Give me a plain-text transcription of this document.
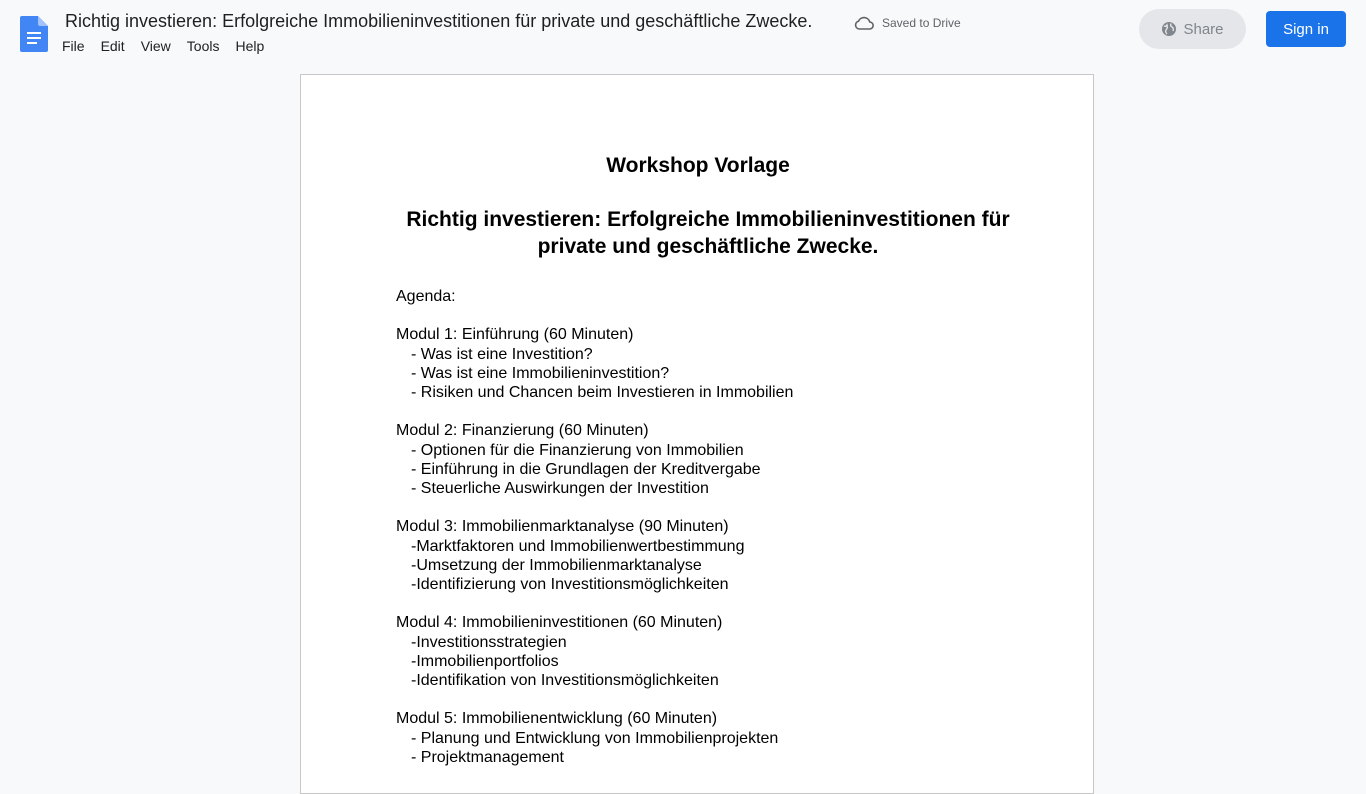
Richtig investieren: Erfolgreiche Immobilieninvestitionen für private und geschäftliche Zwecke.	Saved to Drive
File	Edit	View	Tools	Help
Share	Sign in
Workshop Vorlage
Richtig investieren: Erfolgreiche Immobilieninvestitionen für private und geschäftliche Zwecke.
Agenda:
Modul 1: Einführung (60 Minuten)
- Was ist eine Investition?
- Was ist eine Immobilieninvestition?
- Risiken und Chancen beim Investieren in Immobilien
Modul 2: Finanzierung (60 Minuten)
- Optionen für die Finanzierung von Immobilien
- Einführung in die Grundlagen der Kreditvergabe
- Steuerliche Auswirkungen der Investition
Modul 3: Immobilienmarktanalyse (90 Minuten)
-Marktfaktoren und Immobilienwertbestimmung
-Umsetzung der Immobilienmarktanalyse
-Identifizierung von Investitionsmöglichkeiten
Modul 4: Immobilieninvestitionen (60 Minuten)
-Investitionsstrategien
-Immobilienportfolios
-Identifikation von Investitionsmöglichkeiten
Modul 5: Immobilienentwicklung (60 Minuten)
- Planung und Entwicklung von Immobilienprojekten
- Projektmanagement
